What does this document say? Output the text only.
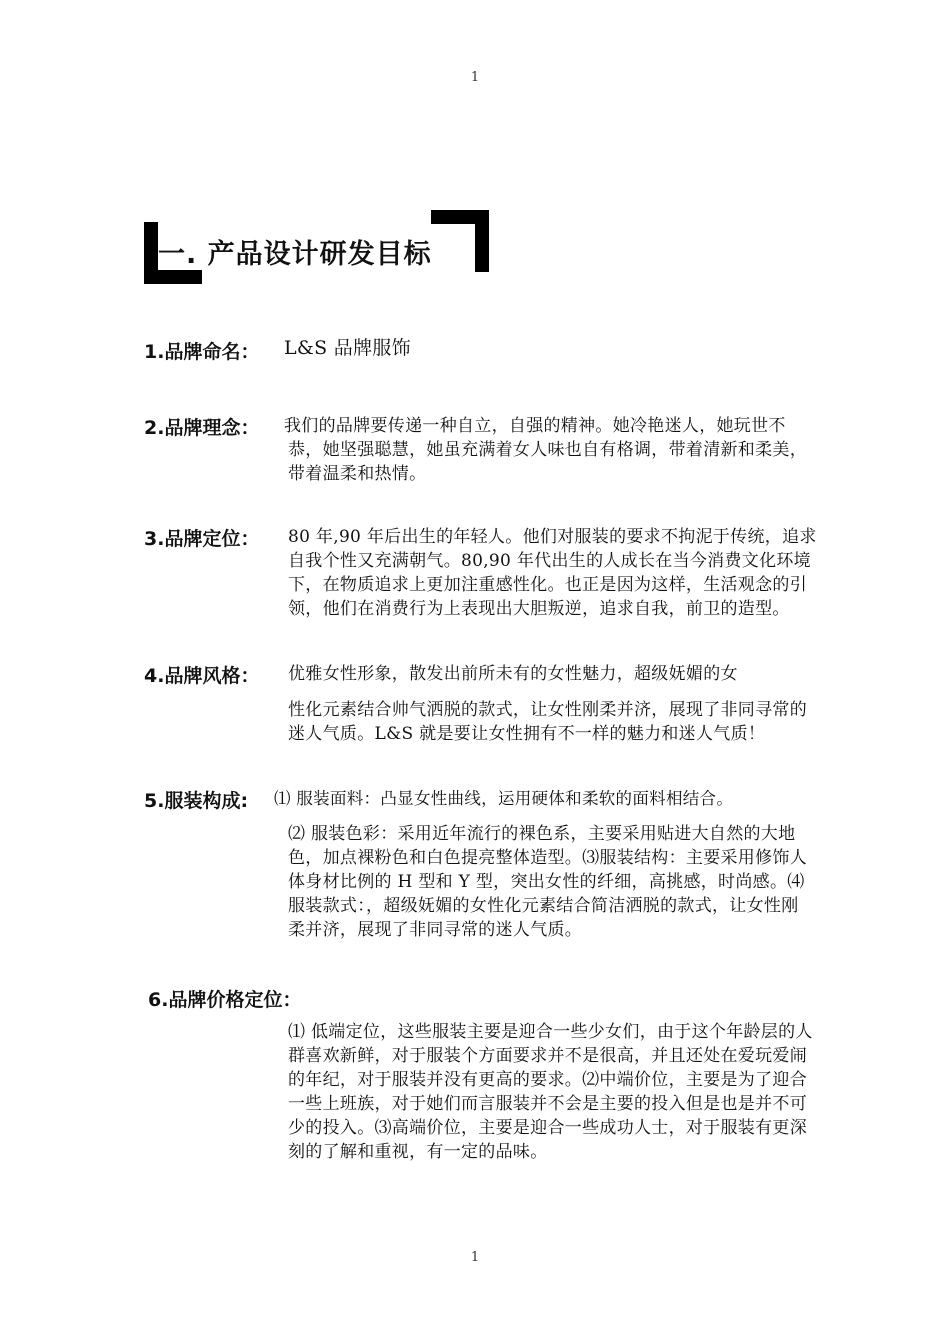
1
一. 产品设计研发目标
1.品牌命名： L&S 品牌服饰
2.品牌理念： 我们的品牌要传递一种自立，自强的精神。她冷艳迷人，她玩世不恭，她坚强聪慧，她虽充满着女人味也自有格调，带着清新和柔美，带着温柔和热情。
3.品牌定位： 80 年,90 年后出生的年轻人。他们对服装的要求不拘泥于传统，追求自我个性又充满朝气。80,90 年代出生的人成长在当今消费文化环境下，在物质追求上更加注重感性化。也正是因为这样，生活观念的引领，他们在消费行为上表现出大胆叛逆，追求自我，前卫的造型。
4.品牌风格： 优雅女性形象，散发出前所未有的女性魅力，超级妩媚的女
性化元素结合帅气洒脱的款式，让女性刚柔并济，展现了非同寻常的迷人气质。L&S 就是要让女性拥有不一样的魅力和迷人气质！
5.服装构成: ⑴ 服装面料：凸显女性曲线，运用硬体和柔软的面料相结合。
⑵ 服装色彩：采用近年流行的裸色系，主要采用贴进大自然的大地色，加点裸粉色和白色提亮整体造型。⑶服装结构：主要采用修饰人体身材比例的 H 型和 Y 型，突出女性的纤细，高挑感，时尚感。⑷服装款式：，超级妩媚的女性化元素结合简洁洒脱的款式，让女性刚柔并济，展现了非同寻常的迷人气质。
6.品牌价格定位：
⑴ 低端定位，这些服装主要是迎合一些少女们，由于这个年龄层的人群喜欢新鲜，对于服装个方面要求并不是很高，并且还处在爱玩爱闹的年纪，对于服装并没有更高的要求。⑵中端价位，主要是为了迎合一些上班族，对于她们而言服装并不会是主要的投入但是也是并不可少的投入。⑶高端价位，主要是迎合一些成功人士，对于服装有更深刻的了解和重视，有一定的品味。
1
